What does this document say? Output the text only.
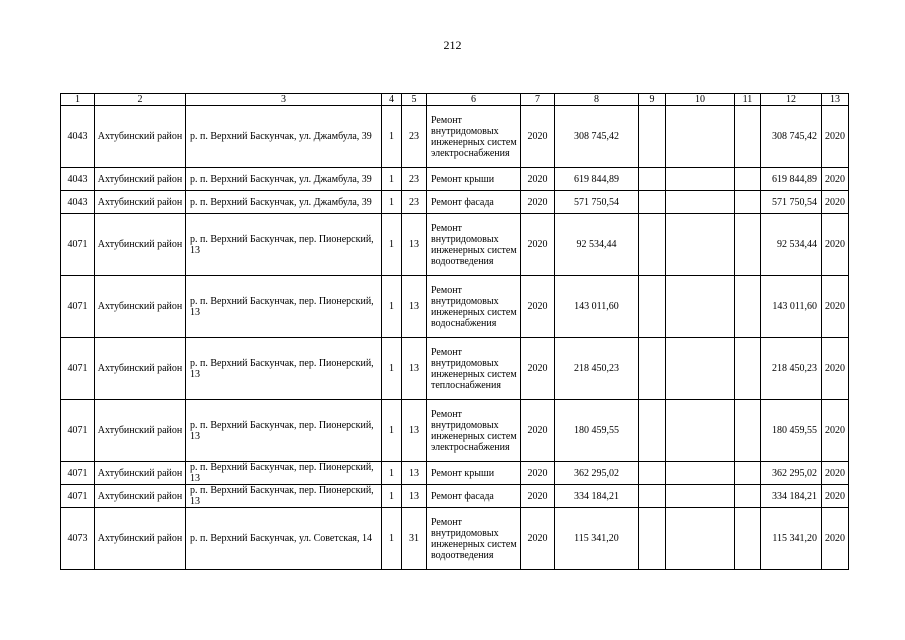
212
1	2	3	4	5	6	7	8	9	10	11	12	13
4043	Ахтубинский район	р. п. Верхний Баскунчак, ул. Джамбула, 39	1	23	Ремонт внутридомовых инженерных систем электроснабжения	2020	308 745,42				308 745,42	2020
4043	Ахтубинский район	р. п. Верхний Баскунчак, ул. Джамбула, 39	1	23	Ремонт крыши	2020	619 844,89				619 844,89	2020
4043	Ахтубинский район	р. п. Верхний Баскунчак, ул. Джамбула, 39	1	23	Ремонт фасада	2020	571 750,54				571 750,54	2020
4071	Ахтубинский район	р. п. Верхний Баскунчак, пер. Пионерский, 13	1	13	Ремонт внутридомовых инженерных систем водоотведения	2020	92 534,44				92 534,44	2020
4071	Ахтубинский район	р. п. Верхний Баскунчак, пер. Пионерский, 13	1	13	Ремонт внутридомовых инженерных систем водоснабжения	2020	143 011,60				143 011,60	2020
4071	Ахтубинский район	р. п. Верхний Баскунчак, пер. Пионерский, 13	1	13	Ремонт внутридомовых инженерных систем теплоснабжения	2020	218 450,23				218 450,23	2020
4071	Ахтубинский район	р. п. Верхний Баскунчак, пер. Пионерский, 13	1	13	Ремонт внутридомовых инженерных систем электроснабжения	2020	180 459,55				180 459,55	2020
4071	Ахтубинский район	р. п. Верхний Баскунчак, пер. Пионерский, 13	1	13	Ремонт крыши	2020	362 295,02				362 295,02	2020
4071	Ахтубинский район	р. п. Верхний Баскунчак, пер. Пионерский, 13	1	13	Ремонт фасада	2020	334 184,21				334 184,21	2020
4073	Ахтубинский район	р. п. Верхний Баскунчак, ул. Советская, 14	1	31	Ремонт внутридомовых инженерных систем водоотведения	2020	115 341,20				115 341,20	2020
